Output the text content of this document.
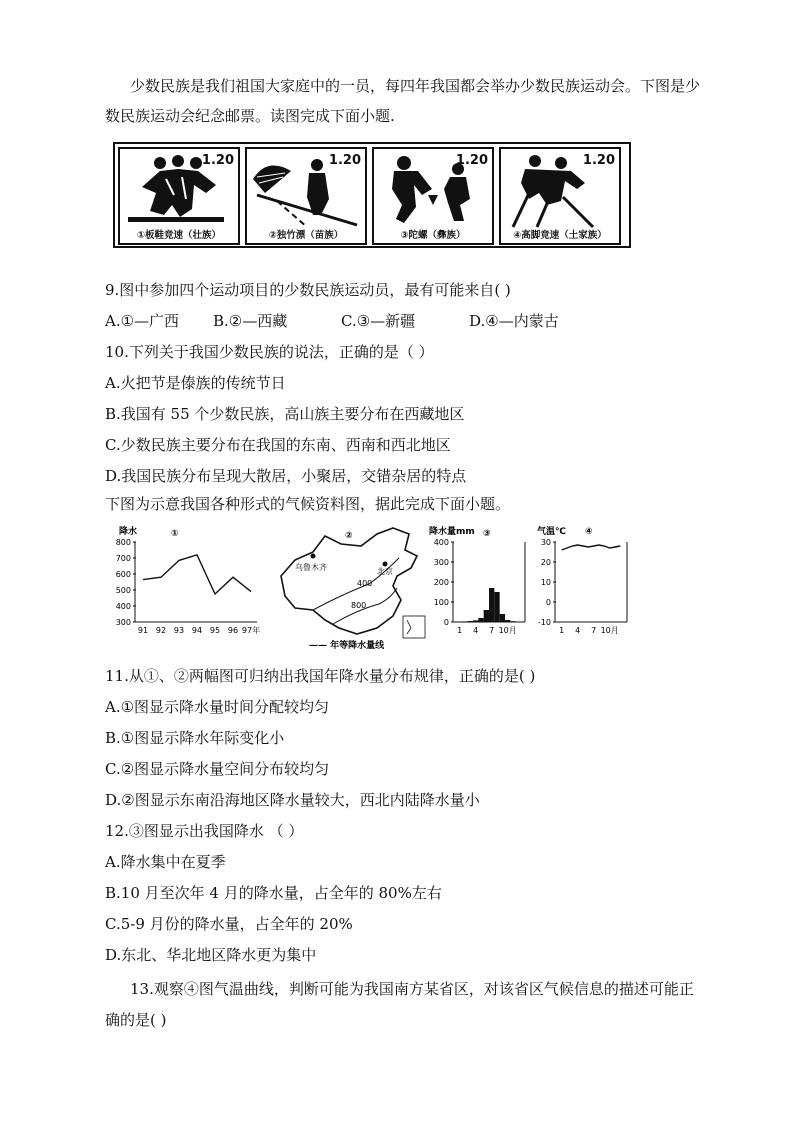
少数民族是我们祖国大家庭中的一员，每四年我国都会举办少数民族运动会。下图是少
数民族运动会纪念邮票。读图完成下面小题.
1.20
①板鞋竞速（壮族）
1.20
②独竹漂（苗族）
1.20
③陀螺（彝族）
1.20
④高脚竞速（土家族）
9.图中参加四个运动项目的少数民族运动员，最有可能来自( )
A.①—广西 B.②—西藏	C.③—新疆	D.④—内蒙古
10.下列关于我国少数民族的说法，正确的是（ ）
A.火把节是傣族的传统节日
B.我国有 55 个少数民族，高山族主要分布在西藏地区
C.少数民族主要分布在我国的东南、西南和西北地区
D.我国民族分布呈现大散居，小聚居，交错杂居的特点
下图为示意我国各种形式的气候资料图，据此完成下面小题。
降水	①
800
700
600
500
400
300
91 92 93 94 95 96 97年
乌鲁木齐	北京
400
800
②
—— 年等降水量线
降水量mm ③
400
300
200
100
0
1 4 7 10月
气温℃ ④
30
20
10
0
-10
1 4 7 10月
11.从①、②两幅图可归纳出我国年降水量分布规律，正确的是( )
A.①图显示降水量时间分配较均匀
B.①图显示降水年际变化小
C.②图显示降水量空间分布较均匀
D.②图显示东南沿海地区降水量较大，西北内陆降水量小
12.③图显示出我国降水 （ ）
A.降水集中在夏季
B.10 月至次年 4 月的降水量，占全年的 80%左右
C.5-9 月份的降水量，占全年的 20%
D.东北、华北地区降水更为集中
13.观察④图气温曲线，判断可能为我国南方某省区，对该省区气候信息的描述可能正
确的是( )
